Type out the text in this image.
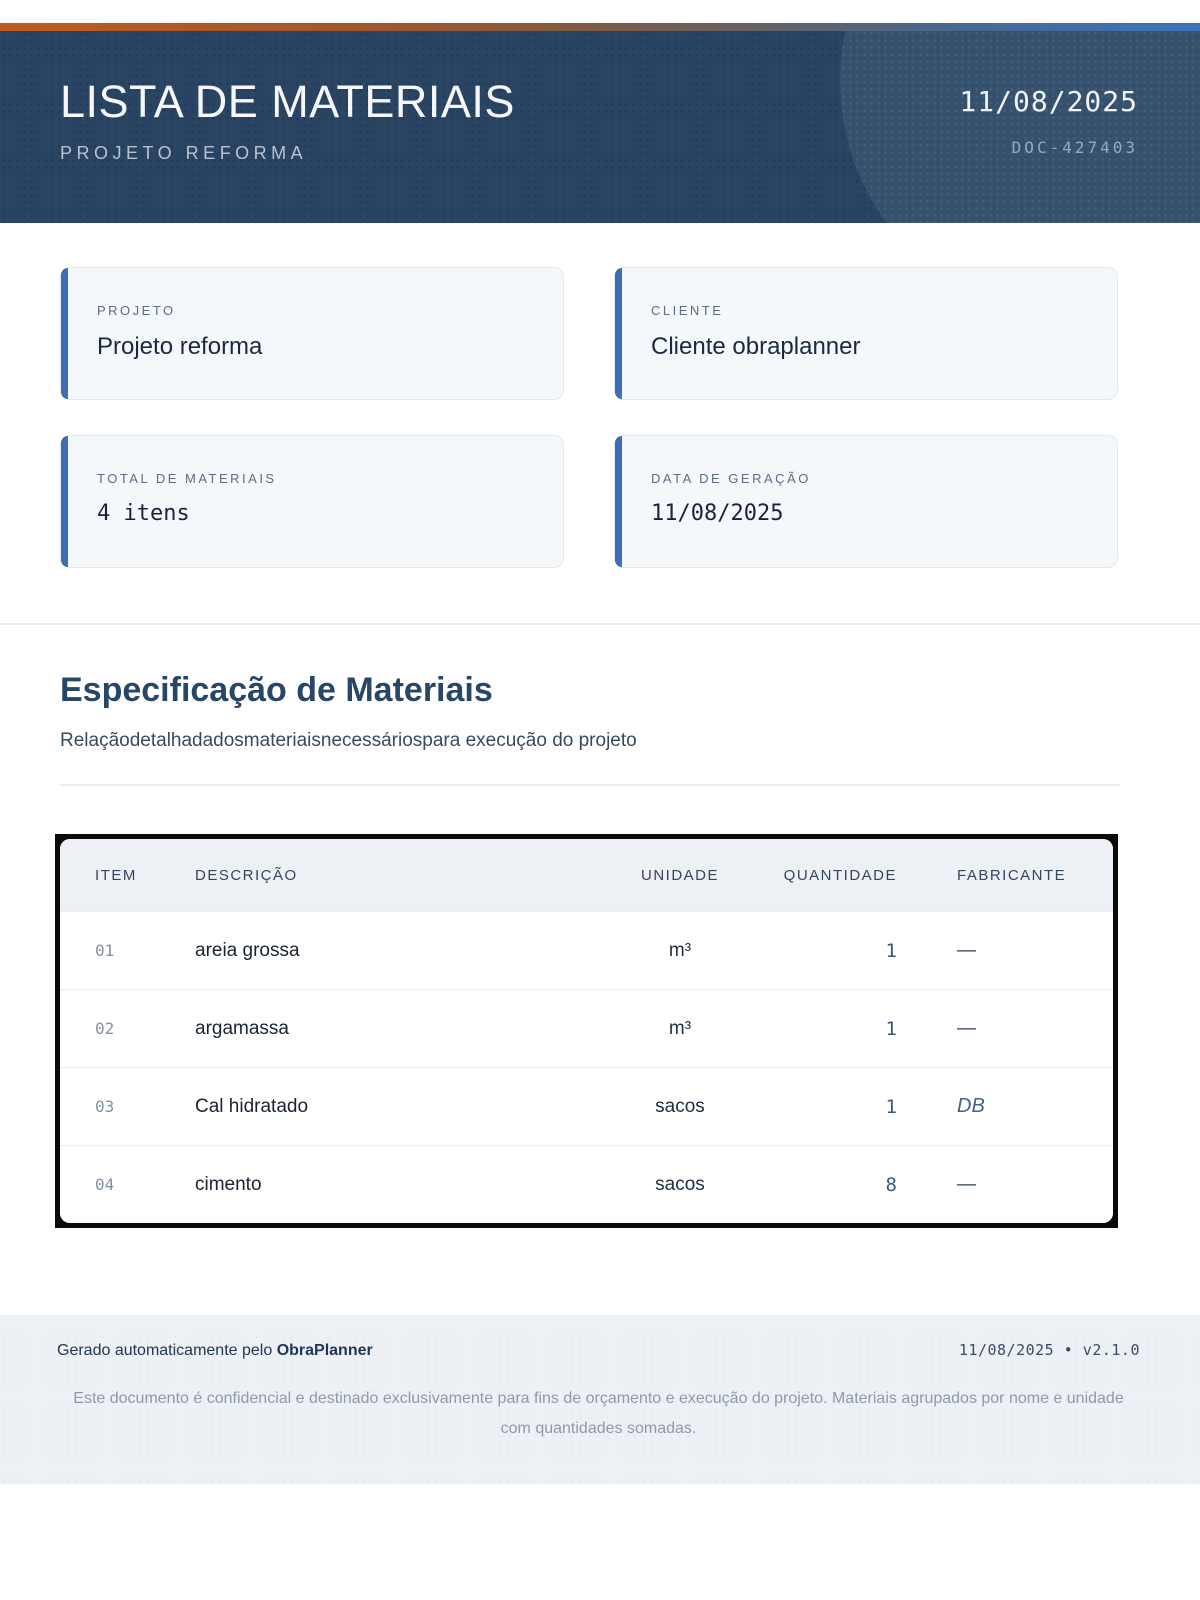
LISTA DE MATERIAIS
PROJETO REFORMA
11/08/2025
DOC-427403
PROJETO
Projeto reforma
CLIENTE
Cliente obraplanner
TOTAL DE MATERIAIS
4 itens
DATA DE GERAÇÃO
11/08/2025
Especificação de Materiais
Relaçãodetalhadadosmateriaisnecessáriospara execução do projeto
ITEM	DESCRIÇÃO	UNIDADE	QUANTIDADE	FABRICANTE
01	areia grossa	m³	1	—
02	argamassa	m³	1	—
03	Cal hidratado	sacos	1	DB
04	cimento	sacos	8	—
Gerado automaticamente pelo ObraPlanner	11/08/2025 • v2.1.0
Este documento é confidencial e destinado exclusivamente para fins de orçamento e execução do projeto. Materiais agrupados por nome e unidade com quantidades somadas.
